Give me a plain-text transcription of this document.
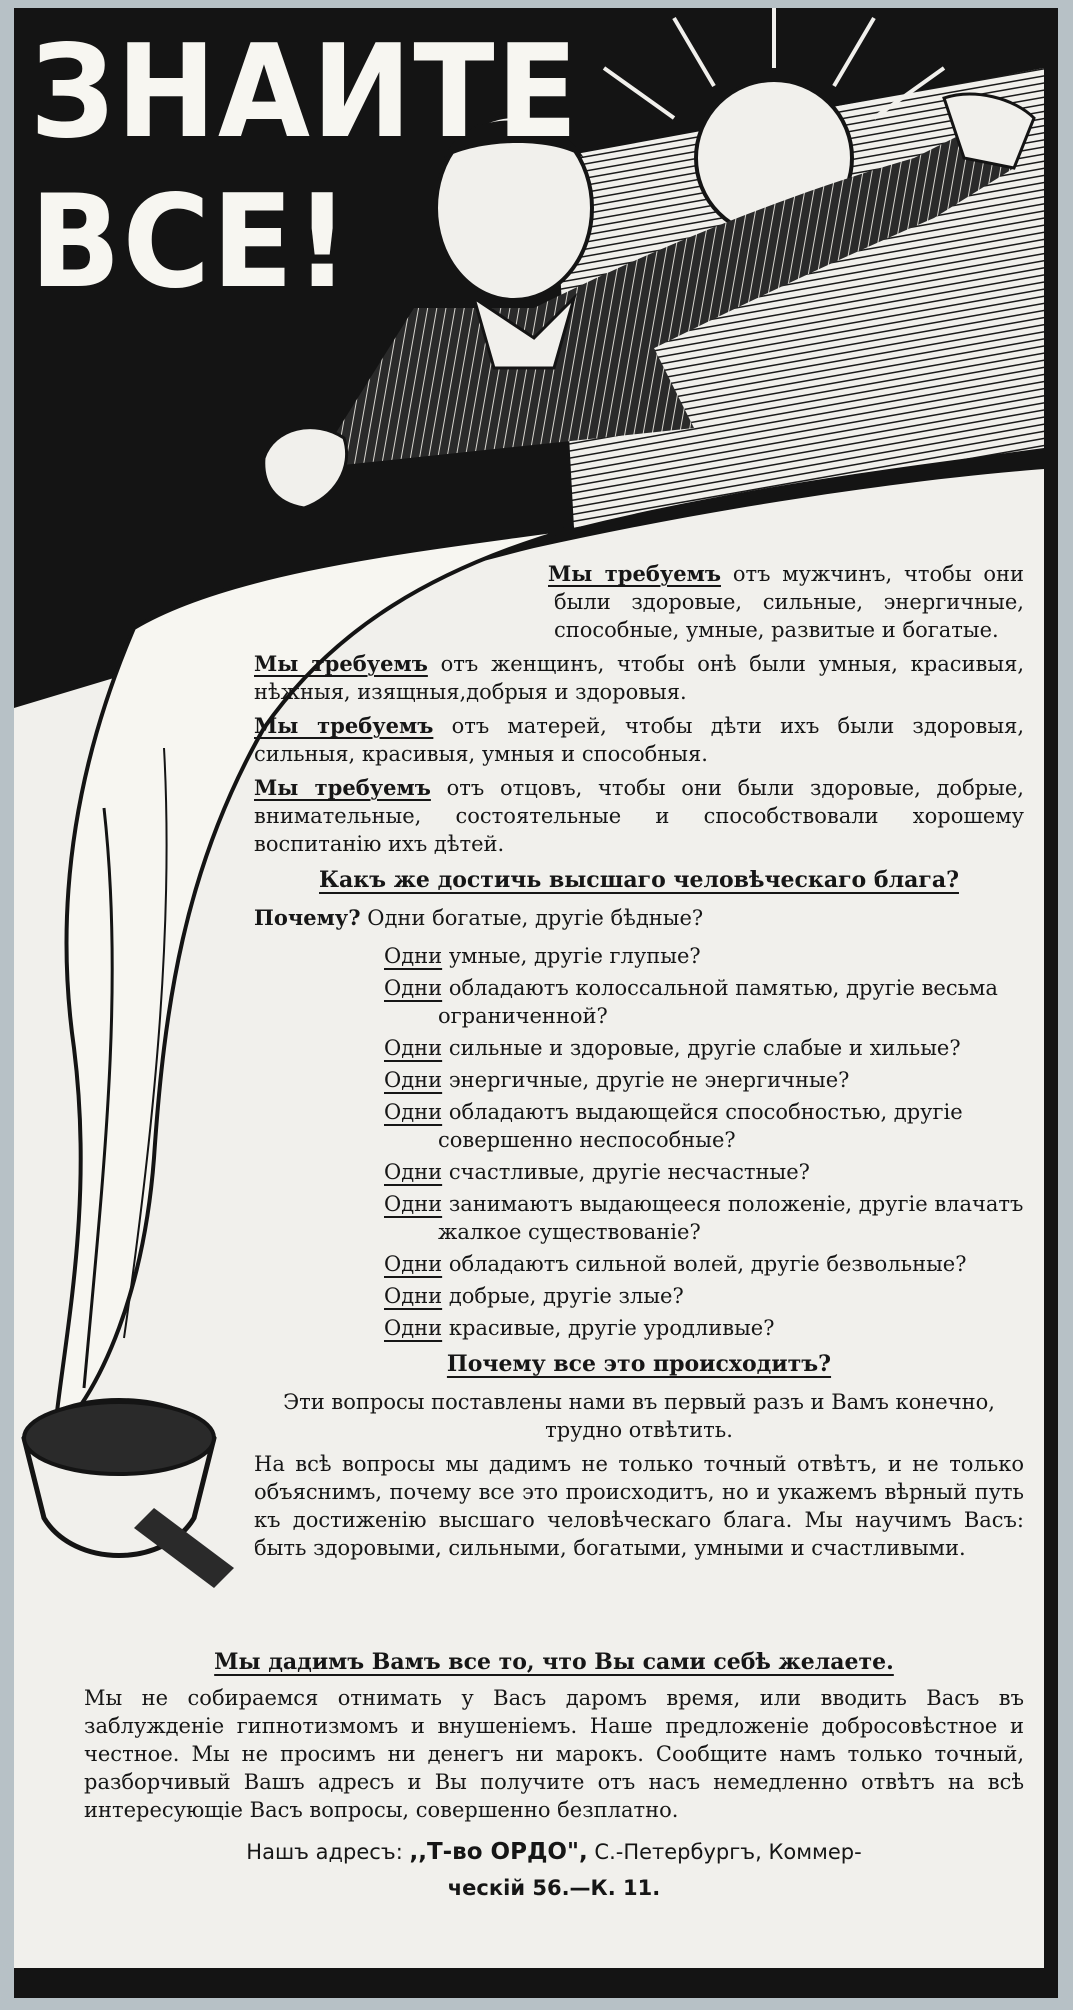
ЗНАИТЕ
ВСЕ!

Мы требуемъ отъ мужчинъ, чтобы они были здоровые, сильные, энергичные, способные, умные, развитые и богатые.

Мы требуемъ отъ женщинъ, чтобы онѣ были умныя, красивыя, нѣжныя, изящныя,добрыя и здоровыя.

Мы требуемъ отъ матерей, чтобы дѣти ихъ были здоровыя, сильныя, красивыя, умныя и способныя.

Мы требуемъ отъ отцовъ, чтобы они были здоровые, добрые, внимательные, состоятельные и способствовали хорошему воспитанію ихъ дѣтей.

Какъ же достичь высшаго человѣческаго блага?

Почему? Одни богатые, другіе бѣдные?

Одни умные, другіе глупые?
Одни обладаютъ колоссальной памятью, другіе весьма ограниченной?
Одни сильные и здоровые, другіе слабые и хильые?
Одни энергичные, другіе не энергичные?
Одни обладаютъ выдающейся способностью, другіе совершенно неспособные?
Одни счастливые, другіе несчастные?
Одни занимаютъ выдающееся положеніе, другіе влачатъ жалкое существованіе?
Одни обладаютъ сильной волей, другіе безвольные?
Одни добрые, другіе злые?
Одни красивые, другіе уродливые?
Почему все это происходитъ?

Эти вопросы поставлены нами въ первый разъ и Вамъ конечно, трудно отвѣтить.

На всѣ вопросы мы дадимъ не только точный отвѣтъ, и не только объяснимъ, почему все это происходитъ, но и укажемъ вѣрный путь къ достиженію высшаго человѣческаго блага. Мы научимъ Васъ: быть здоровыми, сильными, богатыми, умными и счастливыми.

Мы дадимъ Вамъ все то, что Вы сами себѣ желаете.

Мы не собираемся отнимать у Васъ даромъ время, или вводить Васъ въ заблужденіе гипнотизмомъ и внушеніемъ. Наше предложеніе добросовѣстное и честное. Мы не просимъ ни денегъ ни марокъ. Сообщите намъ только точный, разборчивый Вашъ адресъ и Вы получите отъ насъ немедленно отвѣтъ на всѣ интересующіе Васъ вопросы, совершенно безплатно.

Нашъ адресъ: ,,Т-во ОРДО", С.-Петербургъ, Коммер-
ческій 56.—К. 11.
